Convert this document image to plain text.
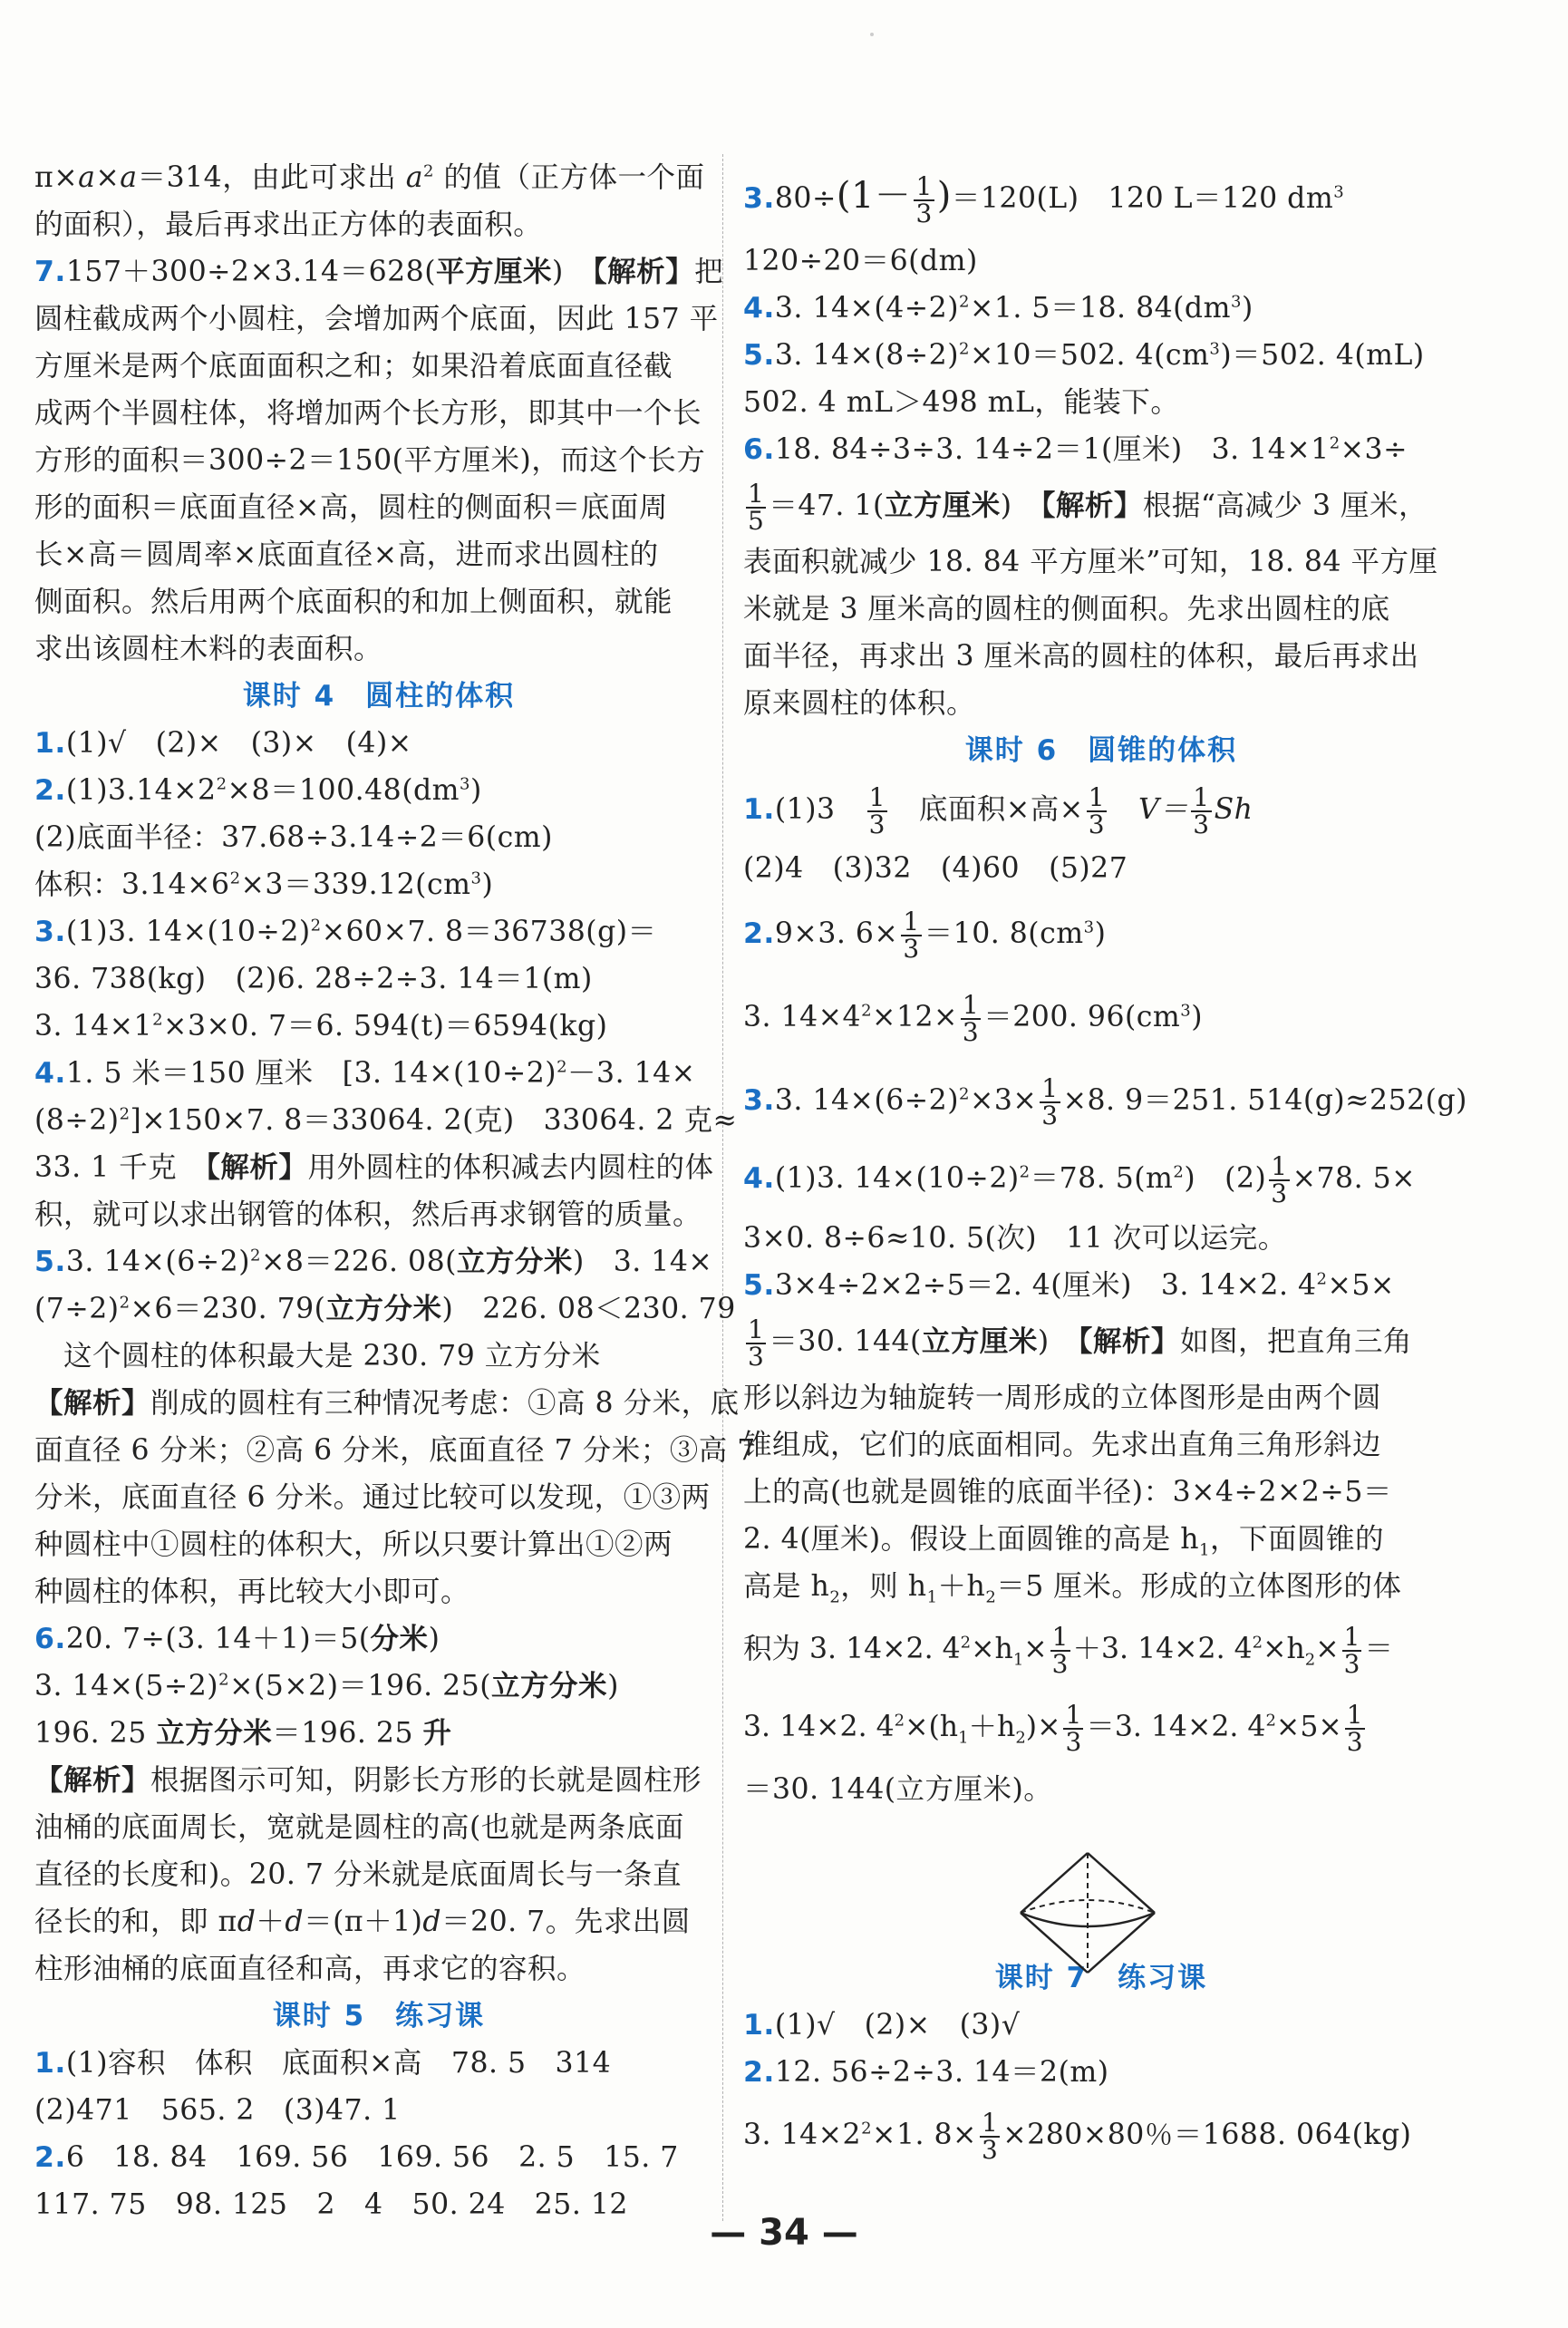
π×a×a＝314，由此可求出 $a^2$ 的值（正方体一个面
的面积），最后再求出正方体的表面积。
7.157＋300÷2×3.14＝628(平方厘米)　【解析】把
圆柱截成两个小圆柱，会增加两个底面，因此 157 平
方厘米是两个底面面积之和；如果沿着底面直径截
成两个半圆柱体，将增加两个长方形，即其中一个长
方形的面积＝300÷2＝150(平方厘米)，而这个长方
形的面积＝底面直径×高，圆柱的侧面积＝底面周
长×高＝圆周率×底面直径×高，进而求出圆柱的
侧面积。然后用两个底面积的和加上侧面积，就能
求出该圆柱木料的表面积。
课时 4　圆柱的体积
1.(1)√　(2)×　(3)×　(4)×
$2.(1)3.14\times 2^2\times 8=100.48(dm^3)$
(2)底面半径：37.68÷3.14÷2＝6(cm)
体积：$3.14\times 6^2\times 3=339.12(cm^3)$
3.(1)3. $14\times(10\div 2)^2\times 60\times 7$. 8＝36738(g)＝
36. 738(kg)　(2)6. 28÷2÷3. 14＝1(m)
3. $14\times 1^2\times 3\times 0$. 7＝6. 594(t)＝6594(kg)
4.1. 5 米＝150 厘米　[3. $14\times(10\div 2)^2-3$. 14×
$(8\div 2)^2]\times 150\times 7$. 8＝33064. 2(克)　33064. 2 克≈
33. 1 千克　【解析】用外圆柱的体积减去内圆柱的体
积，就可以求出钢管的体积，然后再求钢管的质量。
5.3. $14\times(6\div 2)^2\times 8=226$. 08(立方分米)　3. 14×
$(7\div 2)^2\times 6=230$. 79(立方分米)　226. 08＜230. 79
　这个圆柱的体积最大是 230. 79 立方分米
【解析】削成的圆柱有三种情况考虑：①高 8 分米，底
面直径 6 分米；②高 6 分米，底面直径 7 分米；③高 7
分米，底面直径 6 分米。通过比较可以发现，①③两
种圆柱中①圆柱的体积大，所以只要计算出①②两
种圆柱的体积，再比较大小即可。
6.20. 7÷(3. 14＋1)＝5(分米)
3. $14\times(5\div 2)^2\times(5\times 2)=196$. 25(立方分米)
196. 25 立方分米＝196. 25 升
【解析】根据图示可知，阴影长方形的长就是圆柱形
油桶的底面周长，宽就是圆柱的高(也就是两条底面
直径的长度和)。20. 7 分米就是底面周长与一条直
径长的和，即 πd＋d＝(π＋1)d＝20. 7。先求出圆
柱形油桶的底面直径和高，再求它的容积。
课时 5　练习课
1.(1)容积　体积　底面积×高　78. 5　314
(2)471　565. 2　(3)47. 1
2.6　18. 84　169. 56　169. 56　2. 5　15. 7
117. 75　98. 125　2　4　50. 24　25. 12
$3.80\div(1- \frac{1}{3} )=120(L)$　120 L＝120 $dm^3$
120÷20＝6(dm)
4.3. $14\times(4\div 2)^2\times 1$. 5＝18. $84(dm^3)$
5.3. $14\times(8\div 2)^2\times 10=502$. $4(cm^3)=502$. 4(mL)
502. 4 mL＞498 mL，能装下。
6.18. 84÷3÷3. 14÷2＝1(厘米)　3. $14\times 1^2\times 3\div$
$\frac{1}{5} =47$. 1(立方厘米)　【解析】根据“高减少 3 厘米，
表面积就减少 18. 84 平方厘米”可知，18. 84 平方厘
米就是 3 厘米高的圆柱的侧面积。先求出圆柱的底
面半径，再求出 3 厘米高的圆柱的体积，最后再求出
原来圆柱的体积。
课时 6　圆锥的体积
1.(1)3　 $\frac{1}{3}$ 　底面积×高× $\frac{1}{3}$ 　$V= \frac{1}{3}$ Sh
(2)4　(3)32　(4)60　(5)27
2.9×3. $6\times \frac{1}{3} =10$. $8(cm^3)$
3. $14\times 4^2\times 12\times \frac{1}{3} =200$. $96(cm^3)$
3.3. $14\times(6\div 2)^2\times 3\times \frac{1}{3} \times 8$. 9＝251. 514(g)≈252(g)
4.(1)3. $14\times(10\div 2)^2=78$. $5(m^2)$　$(2) \frac{1}{3} \times 78$. 5×
3×0. 8÷6≈10. 5(次)　11 次可以运完。
5.3×4÷2×2÷5＝2. 4(厘米)　3. 14×2. $4^2\times 5\times$
$\frac{1}{3} =30$. 144(立方厘米)　【解析】如图，把直角三角
形以斜边为轴旋转一周形成的立体图形是由两个圆
锥组成，它们的底面相同。先求出直角三角形斜边
上的高(也就是圆锥的底面半径)：3×4÷2×2÷5＝
2. 4(厘米)。假设上面圆锥的高是 $h_1$，下面圆锥的
高是 $h_2$，则 $h_1+h_2=5$ 厘米。形成的立体图形的体
积为 3. 14×2. $4^2\times h_1\times \frac{1}{3} +3$. 14×2. $4^2\times h_2\times \frac{1}{3}$ ＝
3. 14×2. $4^2\times(h_1+h_2)\times \frac{1}{3} =3$. 14×2. $4^2\times 5\times \frac{1}{3}$
＝30. 144(立方厘米)。
课时 7　练习课
1.(1)√　(2)×　(3)√
2.12. 56÷2÷3. 14＝2(m)
3. $14\times 2^2\times 1$. $8\times \frac{1}{3} \times 280\times 80$％＝1688. 064(kg)
— 34 —
